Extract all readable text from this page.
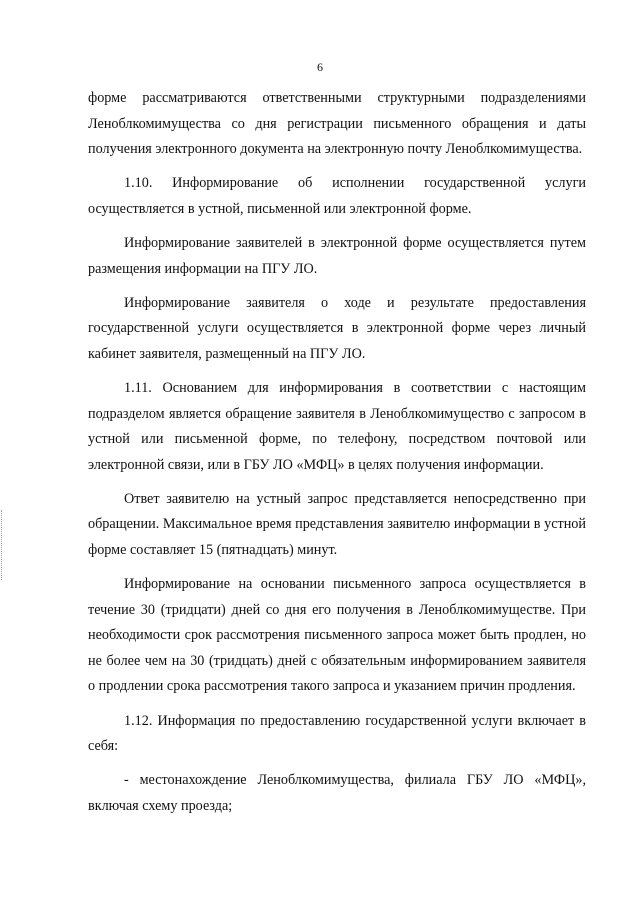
6

форме рассматриваются ответственными структурными подразделениями Леноблкомимущества со дня регистрации письменного обращения и даты получения электронного документа на электронную почту Леноблкомимущества.

1.10. Информирование об исполнении государственной услуги осуществляется в устной, письменной или электронной форме.

Информирование заявителей в электронной форме осуществляется путем размещения информации на ПГУ ЛО.

Информирование заявителя о ходе и результате предоставления государственной услуги осуществляется в электронной форме через личный кабинет заявителя, размещенный на ПГУ ЛО.

1.11. Основанием для информирования в соответствии с настоящим подразделом является обращение заявителя в Леноблкомимущество с запросом в устной или письменной форме, по телефону, посредством почтовой или электронной связи, или в ГБУ ЛО «МФЦ» в целях получения информации.

Ответ заявителю на устный запрос представляется непосредственно при обращении. Максимальное время представления заявителю информации в устной форме составляет 15 (пятнадцать) минут.

Информирование на основании письменного запроса осуществляется в течение 30 (тридцати) дней со дня его получения в Леноблкомимуществе. При необходимости срок рассмотрения письменного запроса может быть продлен, но не более чем на 30 (тридцать) дней с обязательным информированием заявителя о продлении срока рассмотрения такого запроса и указанием причин продления.

1.12. Информация по предоставлению государственной услуги включает в себя:

- местонахождение Леноблкомимущества, филиала ГБУ ЛО «МФЦ», включая схему проезда;
